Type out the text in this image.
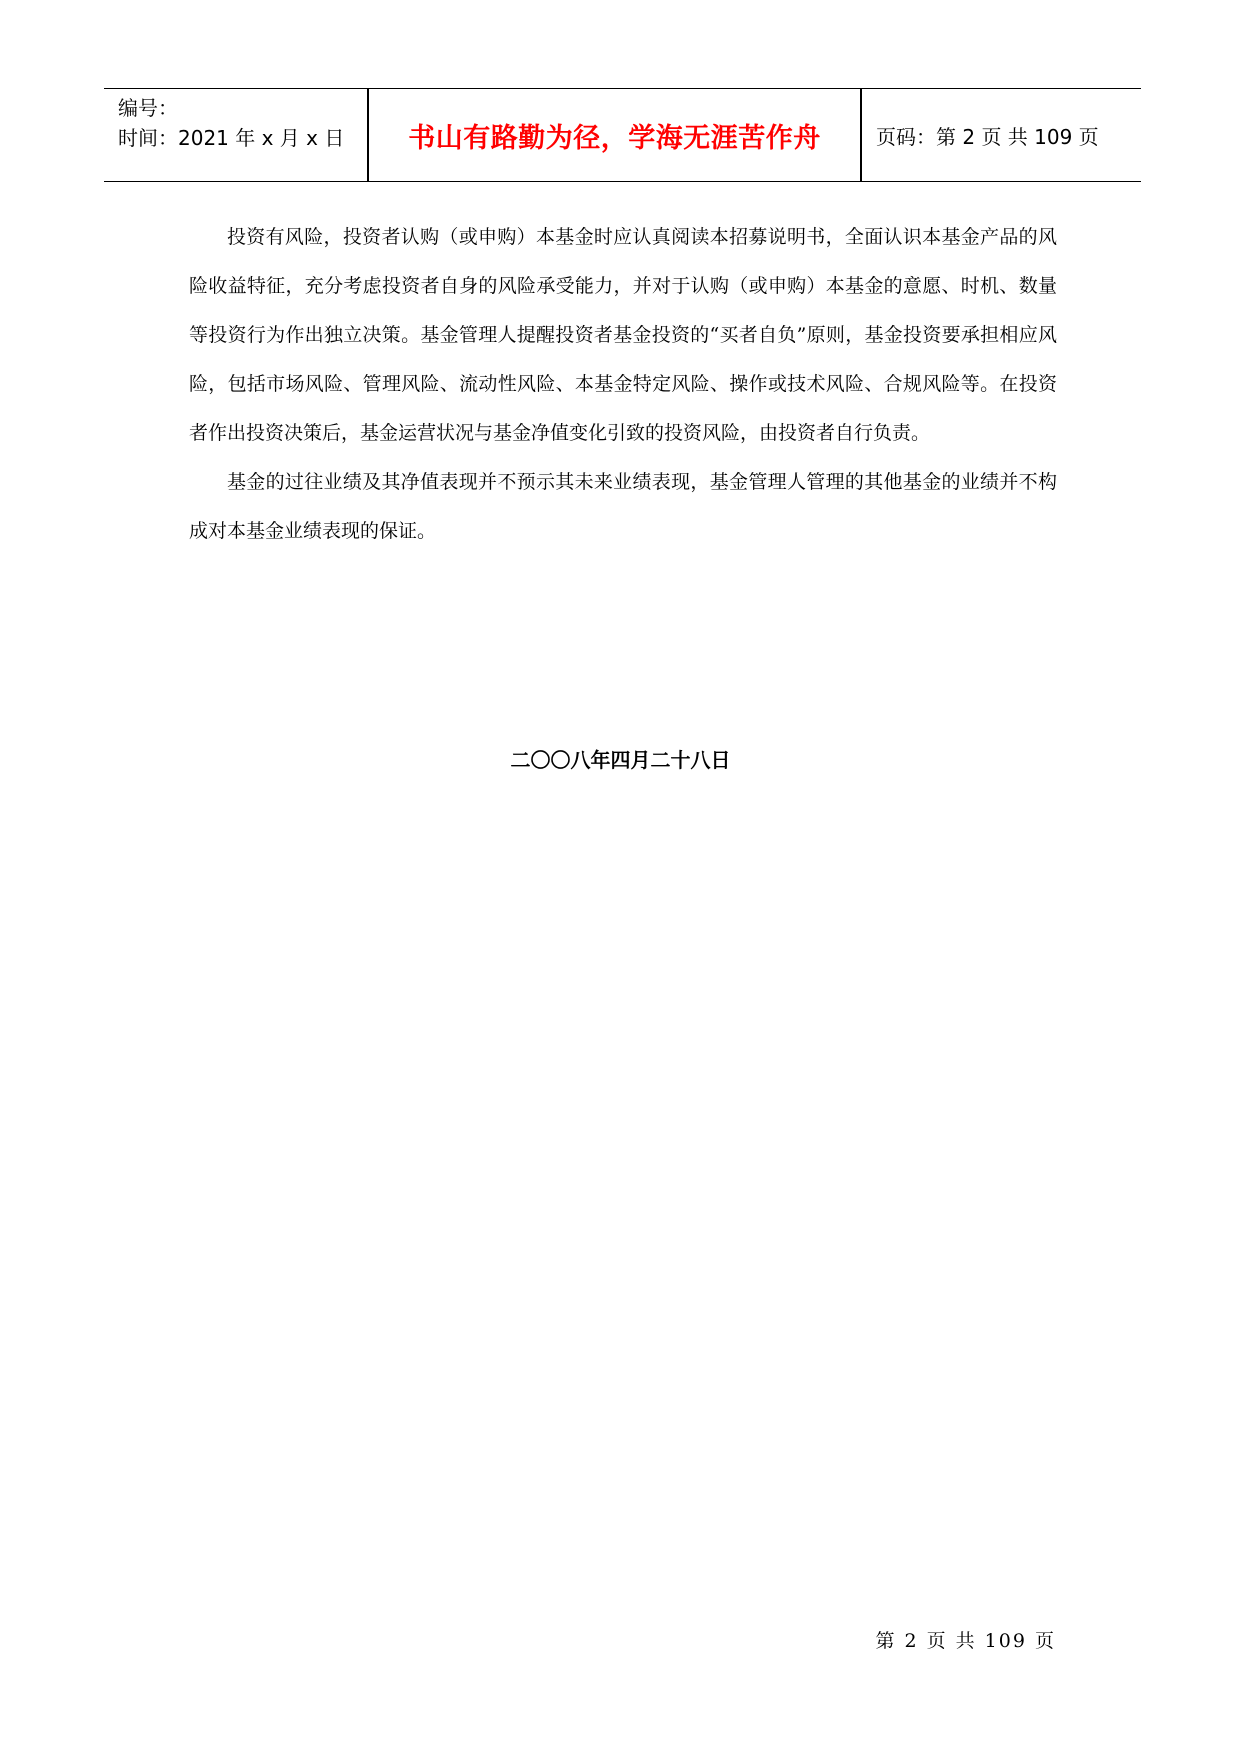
编号：
时间：2021 年 x 月 x 日	书山有路勤为径，学海无涯苦作舟	页码：第 2 页 共 109 页

投资有风险，投资者认购（或申购）本基金时应认真阅读本招募说明书，全面认识本基金产品的风险收益特征，充分考虑投资者自身的风险承受能力，并对于认购（或申购）本基金的意愿、时机、数量等投资行为作出独立决策。基金管理人提醒投资者基金投资的“买者自负”原则，基金投资要承担相应风险，包括市场风险、管理风险、流动性风险、本基金特定风险、操作或技术风险、合规风险等。在投资者作出投资决策后，基金运营状况与基金净值变化引致的投资风险，由投资者自行负责。

基金的过往业绩及其净值表现并不预示其未来业绩表现，基金管理人管理的其他基金的业绩并不构成对本基金业绩表现的保证。

二〇〇八年四月二十八日
第 2 页 共 109 页
